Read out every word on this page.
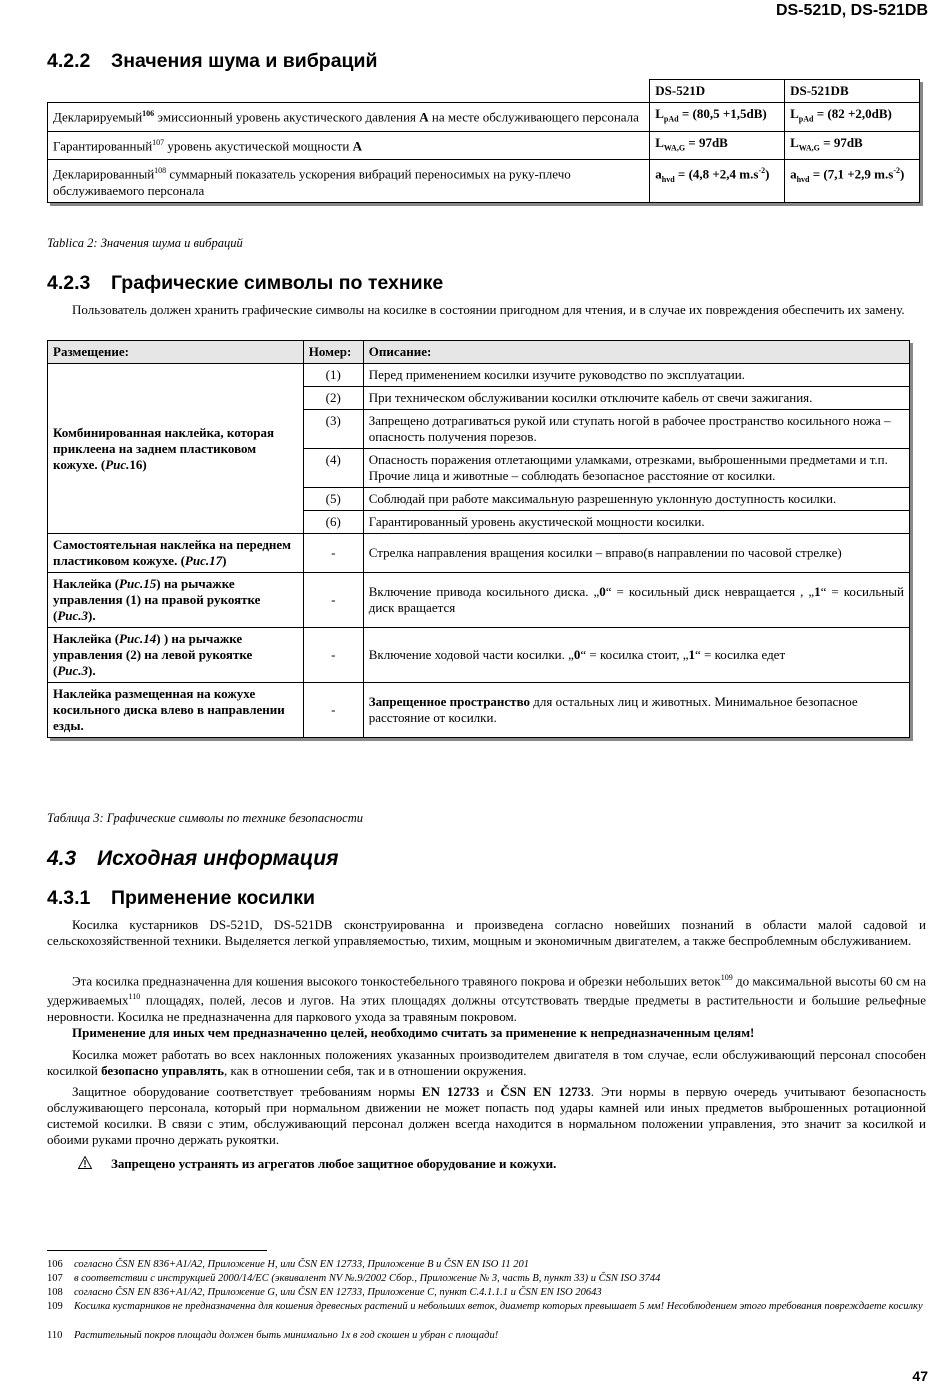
DS-521D, DS-521DB
4.2.2 Значения шума и вибраций
	DS-521D	DS-521DB
Декларируемый$^{106}$ эмиссионный уровень акустического давления A на месте обслуживающего персонала	$L_{pAd} = (80,5 +1,5dB)$	$L_{pAd} = (82 +2,0dB)$
Гарантированный$^{107}$ уровень акустической мощности A	$L_{WA,G} = 97dB$	$L_{WA,G} = 97dB$
Декларированный$^{108}$ суммарный показатель ускорения вибраций переносимых на руку-плечо обслуживаемого персонала	$a_{hvd} = (4,8 +2,4$ $m.s^{-2}$)	$a_{hvd} = (7,1 +2,9$ $m.s^{-2}$)
Tablica 2: Значения шума и вибраций
4.2.3 Графические символы по технике

Пользователь должен хранить графические символы на косилке в состоянии пригодном для чтения, и в случае их повреждения обеспечить их замену.

Размещение:	Номер:	Описание:
Комбинированная наклейка, которая приклеена на заднем пластиковом кожухе. (Рис.16)	(1)	Перед применением косилки изучите руководство по эксплуатации.
	(2)	При техническом обслуживании косилки отключите кабель от свечи зажигания.
	(3)	Запрещено дотрагиваться рукой или ступать ногой в рабочее пространство косильного ножа – опасность получения порезов.
	(4)	Опасность поражения отлетающими уламками, отрезками, выброшенными предметами и т.п. Прочие лица и животные – соблюдать безопасное расстояние от косилки.
	(5)	Соблюдай при работе максимальную разрешенную уклонную доступность косилки.
	(6)	Гарантированный уровень акустической мощности косилки.
Самостоятельная наклейка на переднем пластиковом кожухе. (Рис.17)	-	Стрелка направления вращения косилки – вправо(в направлении по часовой стрелке)
Наклейка (Рис.15) на рычажке управления (1) на правой рукоятке (Рис.3).	-	Включение привода косильного диска. „0“ = косильный диск невращается , „1“ = косильный диск вращается
Наклейка (Рис.14) ) на рычажке управления (2) на левой рукоятке (Рис.3).	-	Включение ходовой части косилки. „0“ = косилка стоит, „1“ = косилка едет
Наклейка размещенная на кожухе косильного диска влево в направлении езды.	-	Запрещенное пространство для остальных лиц и животных. Минимальное безопасное расстояние от косилки.
Таблица 3: Графические символы по технике безопасности
4.3 Исходная информация
4.3.1 Применение косилки

Косилка кустарников DS-521D, DS-521DB сконструированна и произведена согласно новейших познаний в области малой садовой и сельскохозяйственной техники. Выделяется легкой управляемостью, тихим, мощным и экономичным двигателем, а также беспроблемным обслуживанием.

Эта косилка предназначенна для кошения высокого тонкостебельного травяного покрова и обрезки небольших веток$^{109}$ до максимальной высоты 60 см на удерживаемых$^{110}$ площадях, полей, лесов и лугов. На этих площадях должны отсутствовать твердые предметы в растительности и большие рельефные неровности. Косилка не предназначенна для паркового ухода за травяным покровом.

Применение для иных чем предназначенно целей, необходимо считать за применение к непредназначенным целям!

Косилка может работать во всех наклонных положениях указанных производителем двигателя в том случае, если обслуживающий персонал способен косилкой безопасно управлять, как в отношении себя, так и в отношении окружения.

Защитное оборудование соответствует требованиям нормы EN 12733 и ČSN EN 12733. Эти нормы в первую очередь учитывают безопасность обслуживающего персонала, который при нормальном движении не может попасть под удары камней или иных предметов выброшенных ротационной системой косилки. В связи с этим, обслуживающий персонал должен всегда находится в нормальном положении управления, это значит за косилкой и обоими руками прочно держать рукоятки.

Запрещено устранять из агрегатов любое защитное оборудование и кожухи.
106 согласно ČSN EN 836+A1/A2, Приложение H, или ČSN EN 12733, Приложение B и ČSN EN ISO 11 201
107 в соответствии с инструкцией 2000/14/EC (эквивалент NV №.9/2002 Сбор., Приложение № 3, часть B, пункт 33) и ČSN ISO 3744
108 согласно ČSN EN 836+A1/A2, Приложение G, или ČSN EN 12733, Приложение C, пункт C.4.1.1.1 и ČSN EN ISO 20643
109 Косилка кустарников не предназначенна для кошения древесных растений и небольших веток, диаметр которых превышает 5 мм! Несоблюдением этого требования повреждаете косилку
110 Растительный покров площади должен быть минимально 1х в год скошен и убран с площади!
47
